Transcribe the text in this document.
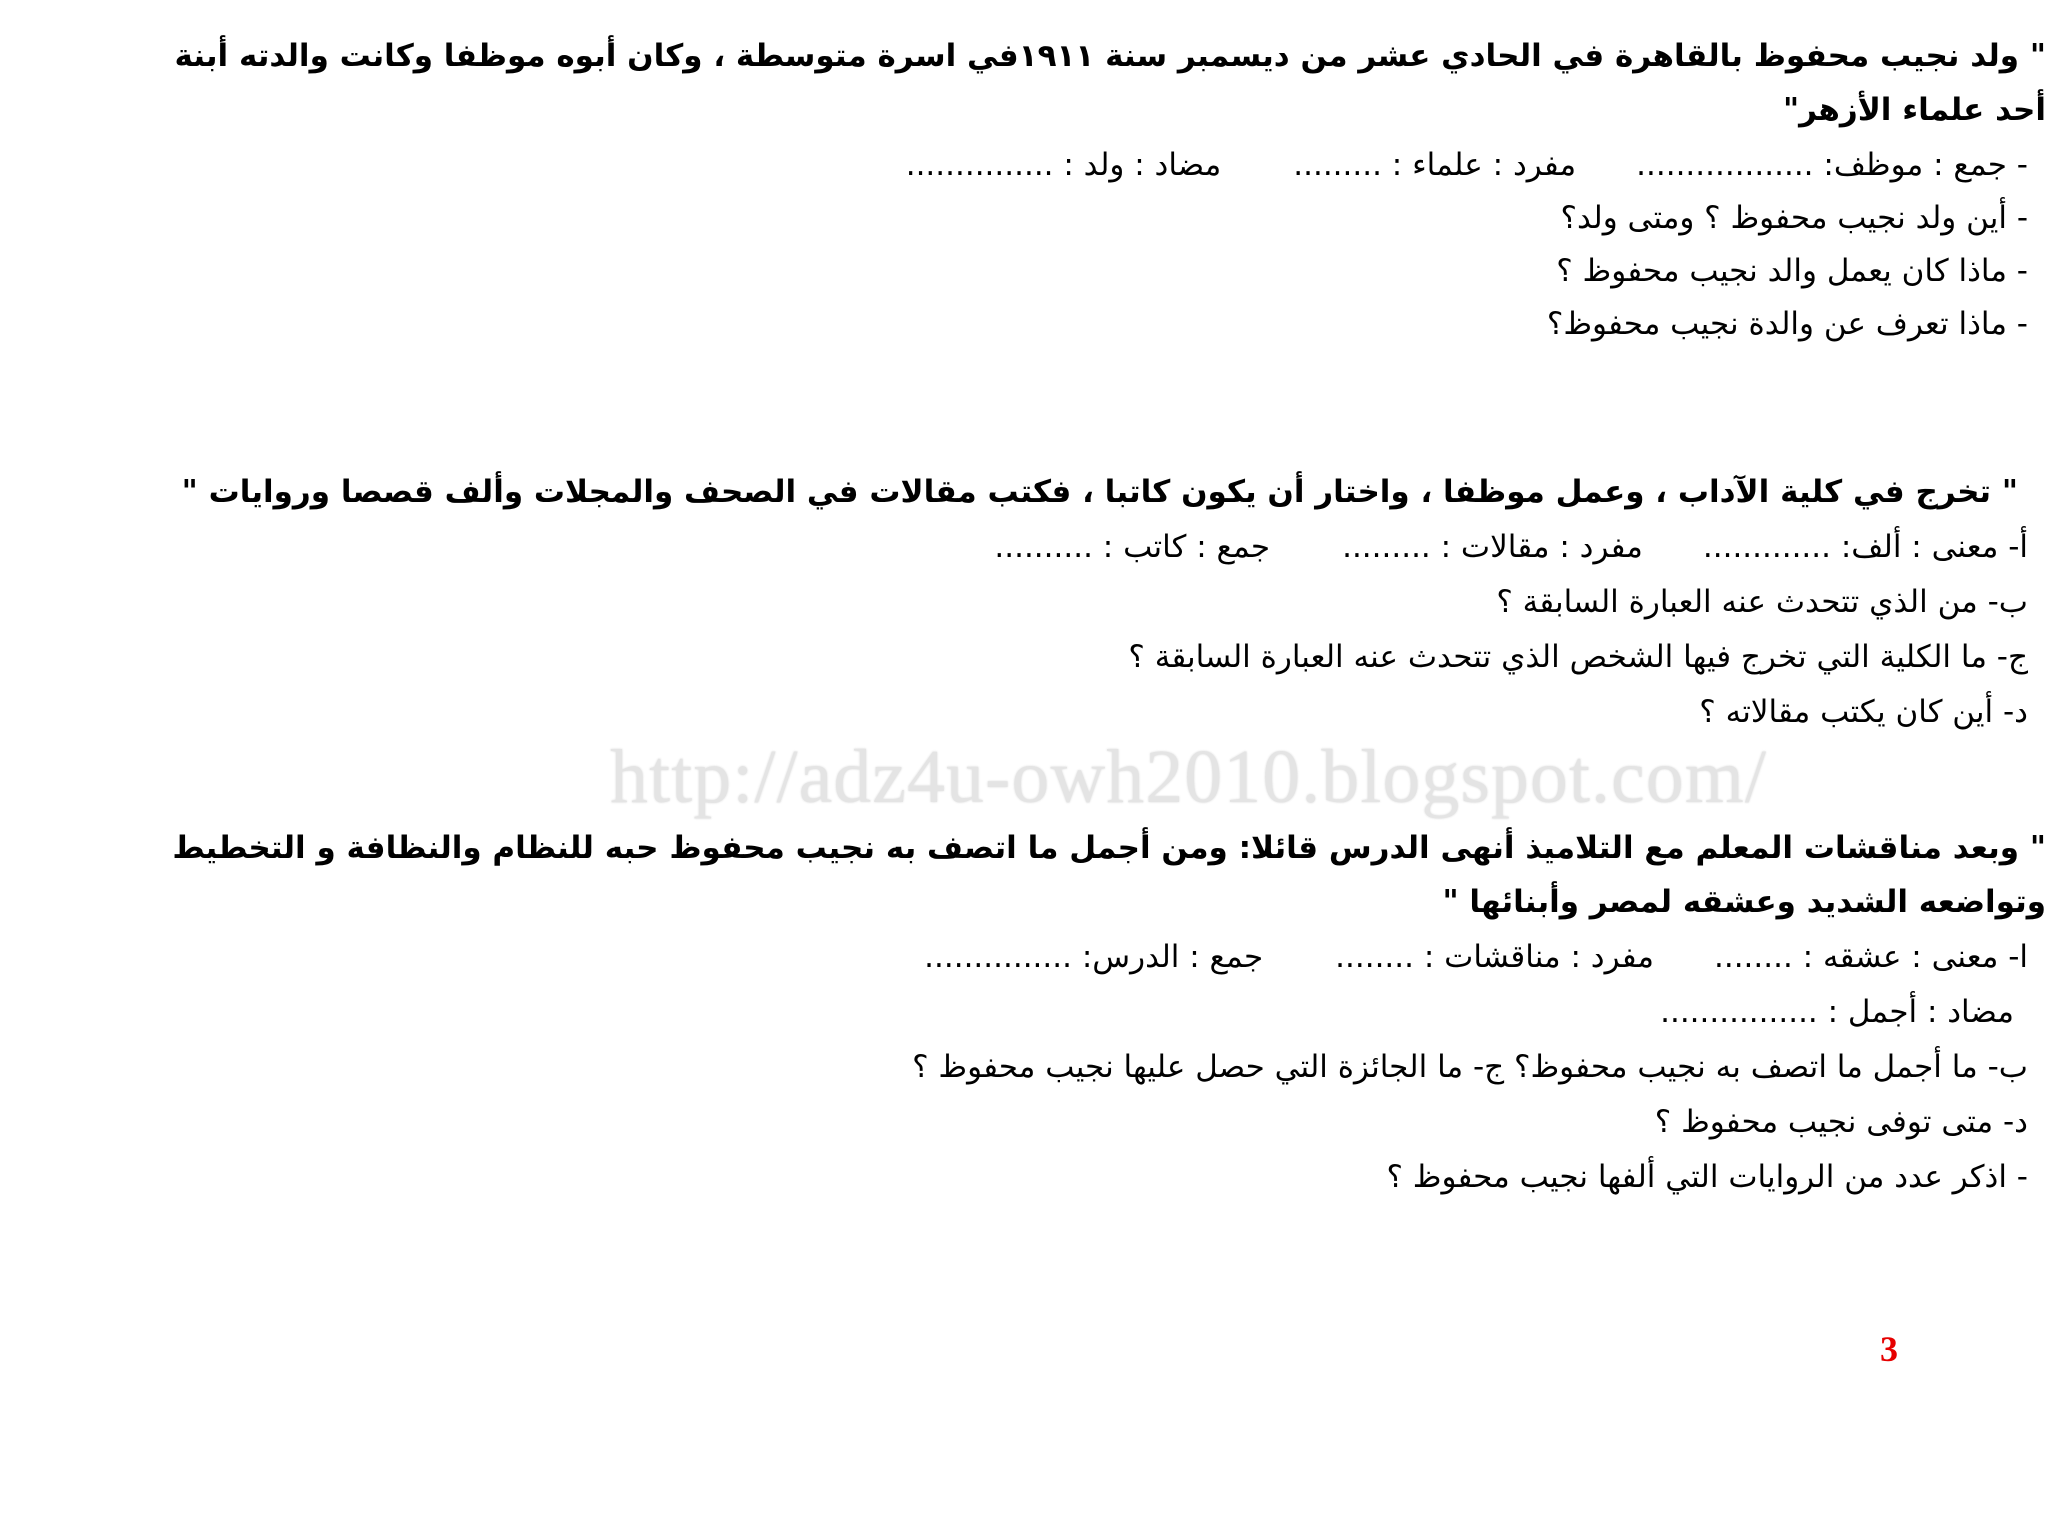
" ولد نجيب محفوظ بالقاهرة في الحادي عشر من ديسمبر سنة ١٩١١في اسرة متوسطة ، وكان أبوه موظفا وكانت والدته أبنة
أحد علماء الأزهر"
- جمع : موظف: ..................مفرد : علماء : .........مضاد : ولد : ...............
- أين ولد نجيب محفوظ ؟ ومتى ولد؟
- ماذا كان يعمل والد نجيب محفوظ ؟
- ماذا تعرف عن والدة نجيب محفوظ؟
" تخرج في كلية الآداب ، وعمل موظفا ، واختار أن يكون كاتبا ، فكتب مقالات في الصحف والمجلات وألف قصصا وروايات "
أ- معنى : ألف: .............مفرد : مقالات : .........جمع : كاتب : ..........
ب- من الذي تتحدث عنه العبارة السابقة ؟
ج- ما الكلية التي تخرج فيها الشخص الذي تتحدث عنه العبارة السابقة ؟
د- أين كان يكتب مقالاته ؟
http://adz4u-owh2010.blogspot.com/
" وبعد مناقشات المعلم مع التلاميذ أنهى الدرس قائلا: ومن أجمل ما اتصف به نجيب محفوظ حبه للنظام والنظافة و التخطيط
وتواضعه الشديد وعشقه لمصر وأبنائها "
ا- معنى : عشقه : ........مفرد : مناقشات : ........جمع : الدرس: ...............
مضاد : أجمل : ................
ب- ما أجمل ما اتصف به نجيب محفوظ؟ ج- ما الجائزة التي حصل عليها نجيب محفوظ ؟
د- متى توفى نجيب محفوظ ؟
- اذكر عدد من الروايات التي ألفها نجيب محفوظ ؟
3
